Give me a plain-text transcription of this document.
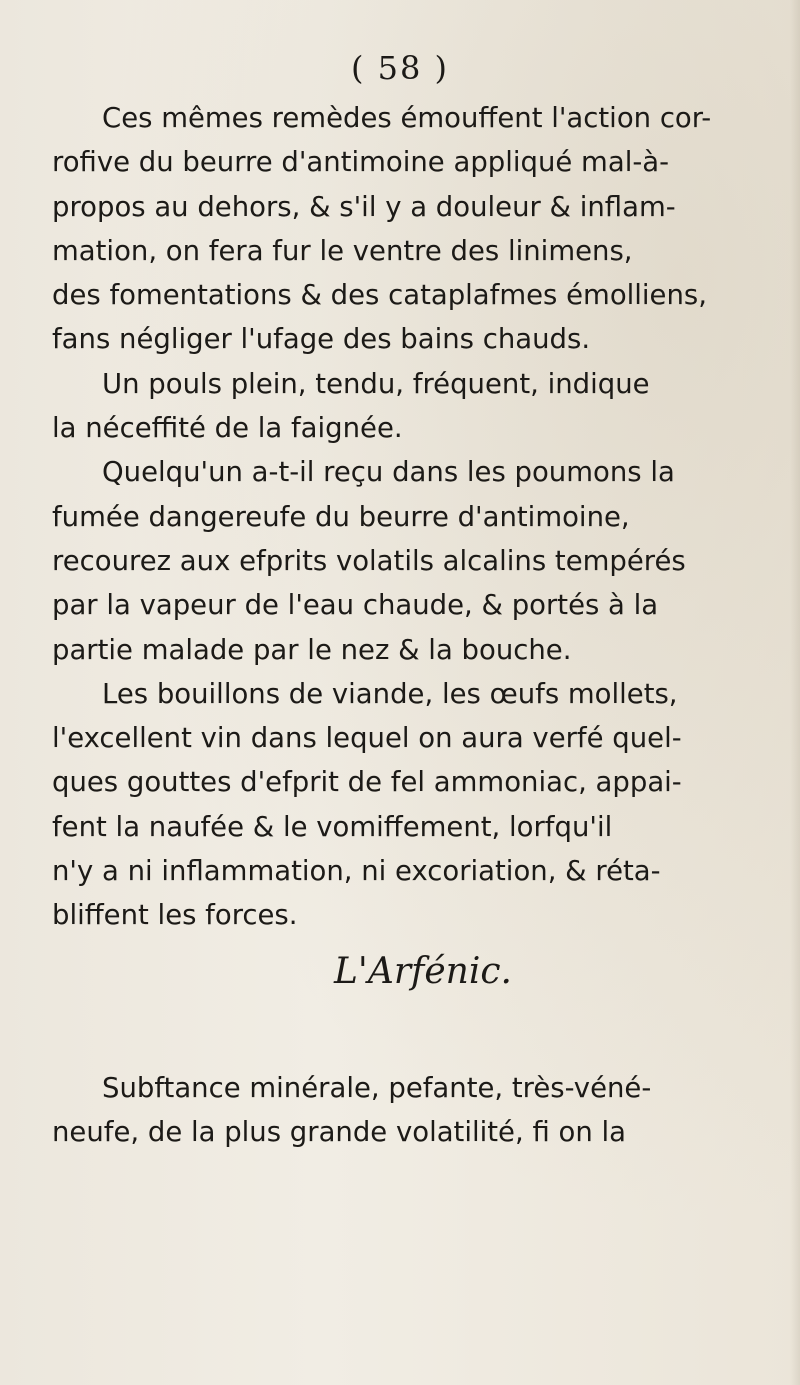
( 58 )
Ces mêmes remèdes émouffent l'action cor-
rofive du beurre d'antimoine appliqué mal-à-
propos au dehors, & s'il y a douleur & inflam-
mation, on fera fur le ventre des linimens,
des fomentations & des cataplafmes émolliens,
fans négliger l'ufage des bains chauds.
Un pouls plein, tendu, fréquent, indique
la néceffité de la faignée.
Quelqu'un a-t-il reçu dans les poumons la
fumée dangereufe du beurre d'antimoine,
recourez aux efprits volatils alcalins tempérés
par la vapeur de l'eau chaude, & portés à la
partie malade par le nez & la bouche.
Les bouillons de viande, les œufs mollets,
l'excellent vin dans lequel on aura verfé quel-
ques gouttes d'efprit de fel ammoniac, appai-
fent la naufée & le vomiffement, lorfqu'il
n'y a ni inflammation, ni excoriation, & réta-
bliffent les forces.
L'Arfénic.
Subftance minérale, pefante, très-véné-
neufe, de la plus grande volatilité, fi on la
